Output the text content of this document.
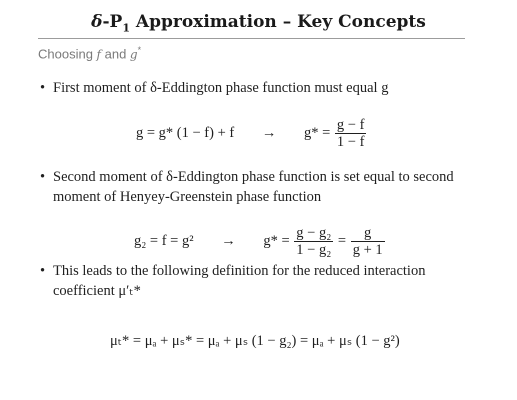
$\delta-P_1$ Approximation – Key Concepts
Choosing f and g*
• First moment of δ-Eddington phase function must equal g
g = g* $(1 - f) + f \to g* = \frac{g - f}{1 - f}$
• Second moment of δ-Eddington phase function is set equal to second moment of Henyey-Greenstein phase function
$g_2 = f = g^2 \to g* = \frac{\text{g − g₂}}{\text{1 − g₂}} = \frac{g}{g + 1}$
• This leads to the following definition for the reduced interaction coefficient μ′ₜ*
μₜ* = μₐ + μₛ* = μₐ + μₛ (1 − g₂) = μₐ + μₛ (1 − g²)
